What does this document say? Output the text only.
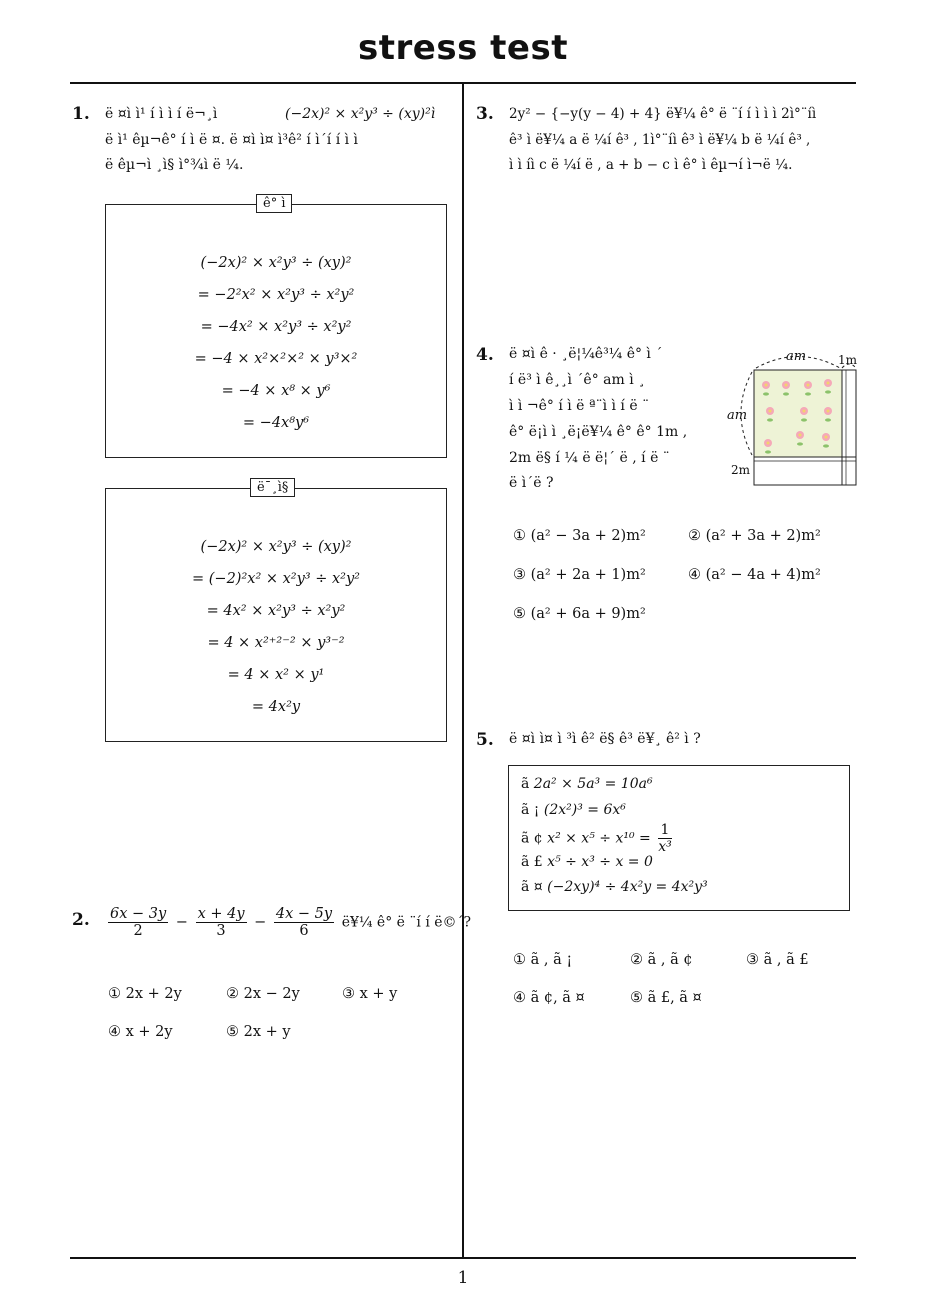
stress test
1
1. ë ¤ì ì¹ í ì ì í ë¬¸ì	(−2x)² × x²y³ ÷ (xy)²ì
ë ì¹ êµ¬ê° í ì ë ¤. ë ¤ì ì¤ ì³ê² í ì´í í ì ì
ë êµ¬ì ¸ì§ ì°¾ì ë ¼.
ê° ì
(−2x)² × x²y³ ÷ (xy)²
= −2²x² × x²y³ ÷ x²y²
= −4x² × x²y³ ÷ x²y²
= −4 × x²×²×² × y³×²
= −4 × x⁸ × y⁶
= −4x⁸y⁶
ë¯¸ì§
(−2x)² × x²y³ ÷ (xy)²
= (−2)²x² × x²y³ ÷ x²y²
= 4x² × x²y³ ÷ x²y²
= 4 × x²⁺²⁻² × y³⁻²
= 4 × x² × y¹
= 4x²y
2. $\frac{6x - 3y}{2} - \frac{x + 4y}{3} - \frac{4x - 5y}{6}$ ë¥¼ ê° ë ¨í í ë©´?
① 2x + 2y	② 2x − 2y	③ x + y
④ x + 2y	⑤ 2x + y
3. 2y² − {−y(y − 4) + 4} ë¥¼ ê° ë ¨í í ì ì ì 2ì°¨íì
ê³ ì ë¥¼ a ë ¼í ê³ , 1ì°¨íì ê³ ì ë¥¼ b ë ¼í ê³ ,
ì ì íì c ë ¼í ë , a + b − c ì ê° ì êµ¬í ì¬ë ¼.
4. ë ¤ì ê · ¸ë¦¼ê³¼ ê° ì ´
í ë³ ì ê¸¸ì ´ê° am ì ¸
ì ì ¬ê° í ì ë ª¨ì ì í ë ¨
ê° ë¡ì ì ¸ë¡ë¥¼ ê° ê° 1m ,
2m ë§ í ¼ ë ë¦´ ë , í ë ¨
ë ì´ë ?
am	1m
am
2m
① (a² − 3a + 2)m²	② (a² + 3a + 2)m²
③ (a² + 2a + 1)m²	④ (a² − 4a + 4)m²
⑤ (a² + 6a + 9)m²
5. ë ¤ì ì¤ ì ³ì ê² ë§ ê³ ë¥¸ ê² ì ?
ã 2a² × 5a³ = 10a⁶
ã ¡ (2x²)³ = 6x⁶
ã ¢ $x^2 \times x^5 \div x^{10} = \frac{1}{\text{x³}}$
ã £ x⁵ ÷ x³ ÷ x = 0
ã ¤ (−2xy)⁴ ÷ 4x²y = 4x²y³
① ã , ã ¡	② ã , ã ¢	③ ã , ã £
④ ã ¢, ã ¤	⑤ ã £, ã ¤
